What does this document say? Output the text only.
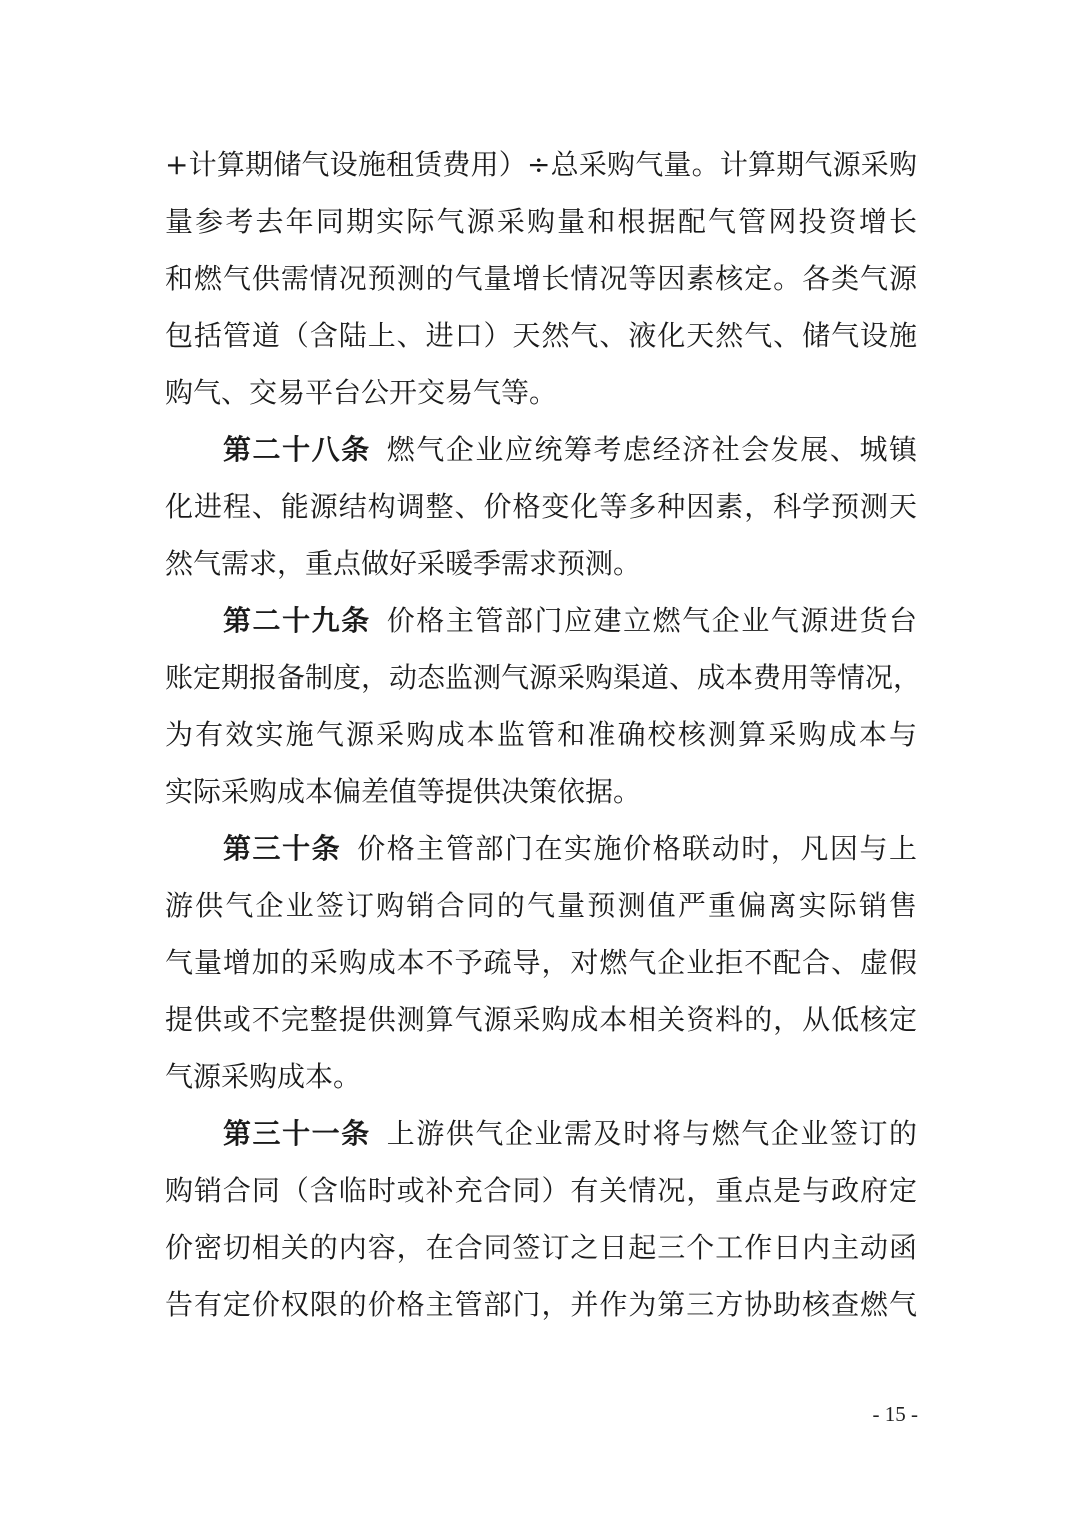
+计算期储气设施租赁费用）÷总采购气量。计算期气源采购
量参考去年同期实际气源采购量和根据配气管网投资增长
和燃气供需情况预测的气量增长情况等因素核定。各类气源
包括管道（含陆上、进口）天然气、液化天然气、储气设施
购气、交易平台公开交易气等。
第二十八条 燃气企业应统筹考虑经济社会发展、城镇
化进程、能源结构调整、价格变化等多种因素，科学预测天
然气需求，重点做好采暖季需求预测。
第二十九条 价格主管部门应建立燃气企业气源进货台
账定期报备制度，动态监测气源采购渠道、成本费用等情况，
为有效实施气源采购成本监管和准确校核测算采购成本与
实际采购成本偏差值等提供决策依据。
第三十条 价格主管部门在实施价格联动时，凡因与上
游供气企业签订购销合同的气量预测值严重偏离实际销售
气量增加的采购成本不予疏导，对燃气企业拒不配合、虚假
提供或不完整提供测算气源采购成本相关资料的，从低核定
气源采购成本。
第三十一条 上游供气企业需及时将与燃气企业签订的
购销合同（含临时或补充合同）有关情况，重点是与政府定
价密切相关的内容，在合同签订之日起三个工作日内主动函
告有定价权限的价格主管部门，并作为第三方协助核查燃气
- 15 -
